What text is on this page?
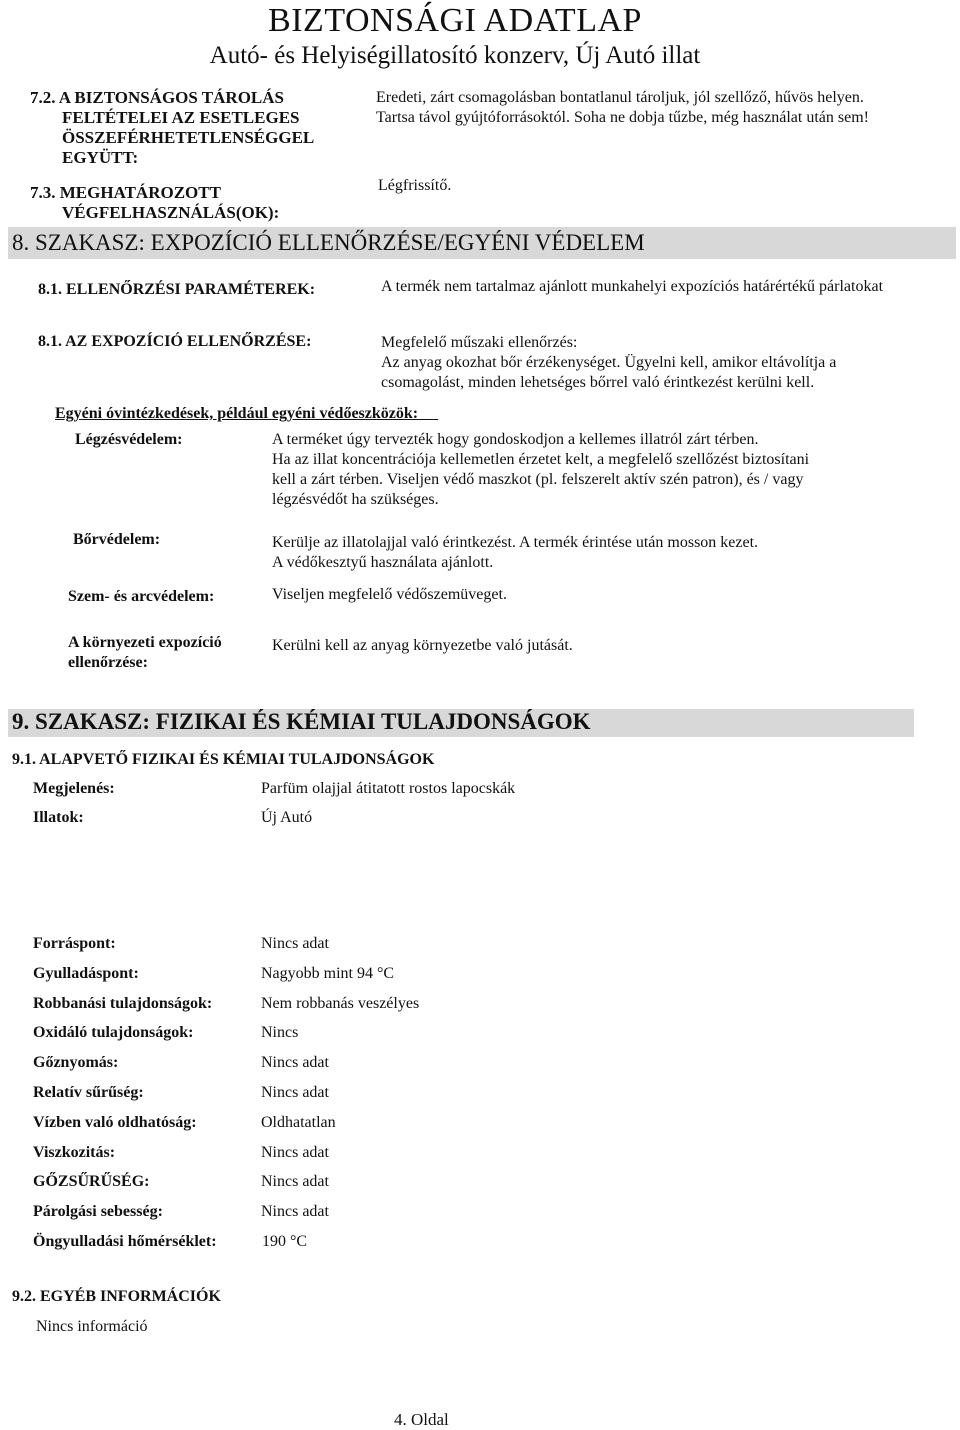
BIZTONSÁGI ADATLAP
Autó- és Helyiségillatosító konzerv, Új Autó illat
7.2. A BIZTONSÁGOS TÁROLÁS
FELTÉTELEI AZ ESETLEGES
ÖSSZEFÉRHETETLENSÉGGEL
EGYÜTT:
Eredeti, zárt csomagolásban bontatlanul tároljuk, jól szellőző, hűvös helyen.
Tartsa távol gyújtóforrásoktól. Soha ne dobja tűzbe, még használat után sem!
7.3. MEGHATÁROZOTT
VÉGFELHASZNÁLÁS(OK):
Légfrissítő.
8. SZAKASZ: EXPOZÍCIÓ ELLENŐRZÉSE/EGYÉNI VÉDELEM
8.1. ELLENŐRZÉSI PARAMÉTEREK:	A termék nem tartalmaz ajánlott munkahelyi expozíciós határértékű párlatokat
8.1. AZ EXPOZÍCIÓ ELLENŐRZÉSE:	Megfelelő műszaki ellenőrzés:
Az anyag okozhat bőr érzékenységet. Ügyelni kell, amikor eltávolítja a
csomagolást, minden lehetséges bőrrel való érintkezést kerülni kell.
Egyéni óvintézkedések, például egyéni védőeszközök:
Légzésvédelem:	A terméket úgy tervezték hogy gondoskodjon a kellemes illatról zárt térben.
Ha az illat koncentrációja kellemetlen érzetet kelt, a megfelelő szellőzést biztosítani
kell a zárt térben. Viseljen védő maszkot (pl. felszerelt aktív szén patron), és / vagy
légzésvédőt ha szükséges.
Bőrvédelem:	Kerülje az illatolajjal való érintkezést. A termék érintése után mosson kezet.
A védőkesztyű használata ajánlott.
Szem- és arcvédelem:	Viseljen megfelelő védőszemüveget.
A környezeti expozíció
ellenőrzése:
Kerülni kell az anyag környezetbe való jutását.
9. SZAKASZ: FIZIKAI ÉS KÉMIAI TULAJDONSÁGOK
9.1. ALAPVETŐ FIZIKAI ÉS KÉMIAI TULAJDONSÁGOK
Megjelenés:	Parfüm olajjal átitatott rostos lapocskák
Illatok:	Új Autó
Forráspont:	Nincs adat
Gyulladáspont:	Nagyobb mint 94 °C
Robbanási tulajdonságok:	Nem robbanás veszélyes
Oxidáló tulajdonságok:	Nincs
Gőznyomás:	Nincs adat
Relatív sűrűség:	Nincs adat
Vízben való oldhatóság:	Oldhatatlan
Viszkozitás:	Nincs adat
GŐZSŰRŰSÉG:	Nincs adat
Párolgási sebesség:	Nincs adat
Öngyulladási hőmérséklet:	190 °C
9.2. EGYÉB INFORMÁCIÓK
Nincs információ
4. Oldal
